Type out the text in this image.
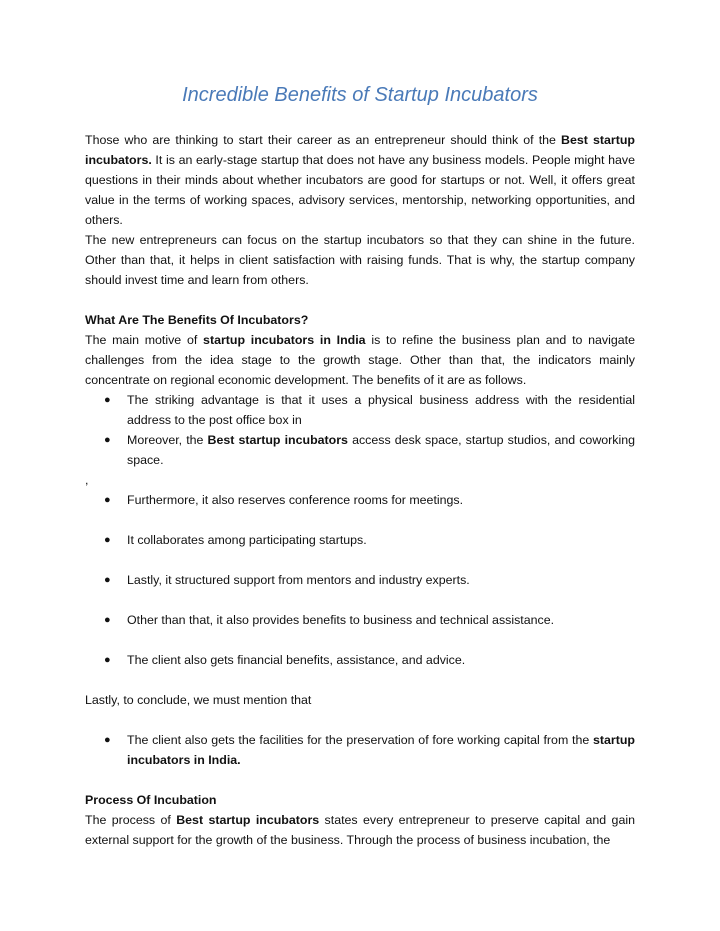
Incredible Benefits of Startup Incubators

Those who are thinking to start their career as an entrepreneur should think of the Best startup incubators. It is an early-stage startup that does not have any business models. People might have questions in their minds about whether incubators are good for startups or not. Well, it offers great value in the terms of working spaces, advisory services, mentorship, networking opportunities, and others.

The new entrepreneurs can focus on the startup incubators so that they can shine in the future. Other than that, it helps in client satisfaction with raising funds. That is why, the startup company should invest time and learn from others.

What Are The Benefits Of Incubators?

The main motive of startup incubators in India is to refine the business plan and to navigate challenges from the idea stage to the growth stage. Other than that, the indicators mainly concentrate on regional economic development. The benefits of it are as follows.

● The striking advantage is that it uses a physical business address with the residential address to the post office box in
● Moreover, the Best startup incubators access desk space, startup studios, and coworking space.

,

● Furthermore, it also reserves conference rooms for meetings.
● It collaborates among participating startups.
● Lastly, it structured support from mentors and industry experts.
● Other than that, it also provides benefits to business and technical assistance.
● The client also gets financial benefits, assistance, and advice.

Lastly, to conclude, we must mention that

● The client also gets the facilities for the preservation of fore working capital from the startup incubators in India.

Process Of Incubation

The process of Best startup incubators states every entrepreneur to preserve capital and gain external support for the growth of the business. Through the process of business incubation, the
